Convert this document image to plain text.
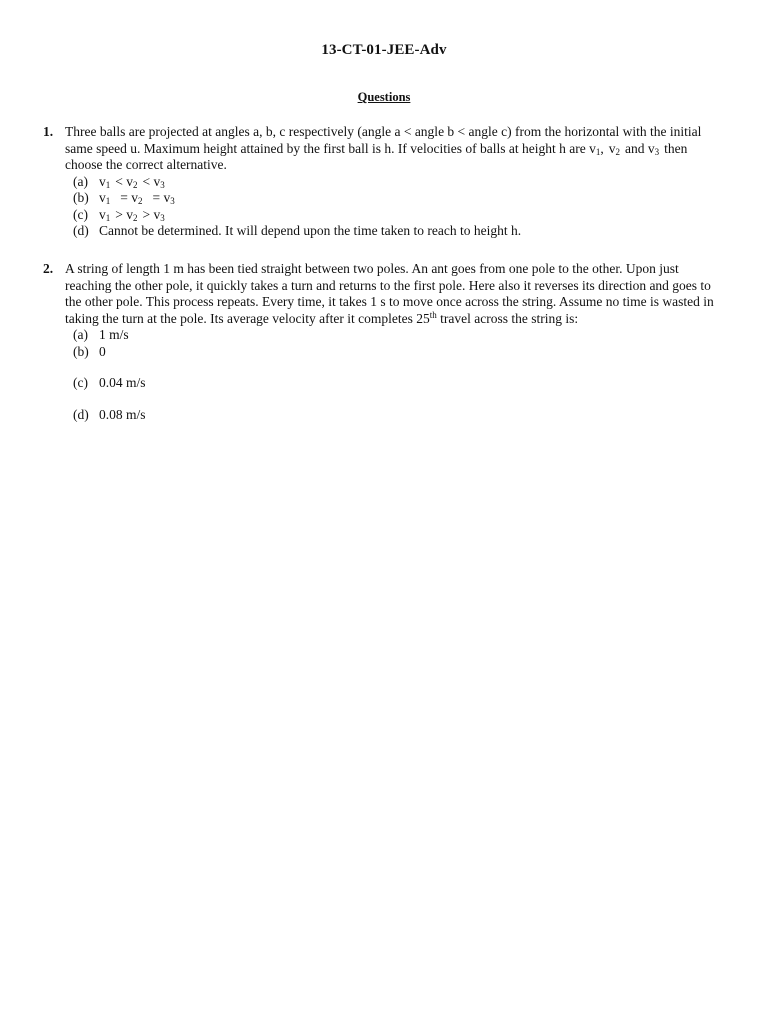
13-CT-01-JEE-Adv
Questions
1. Three balls are projected at angles a, b, c respectively (angle a < angle b < angle c) from the horizontal with the initial same speed u. Maximum height attained by the first ball is h. If velocities of balls at height h are $v_1$, $v_2$ and $v_3$ then choose the correct alternative.
(a) $v_1 < v_2 < v_3$
(b) $v_1 = v_2 = v_3$
(c) $v_1 > v_2 > v_3$
(d) Cannot be determined. It will depend upon the time taken to reach to height h.
2. A string of length 1 m has been tied straight between two poles. An ant goes from one pole to the other. Upon just reaching the other pole, it quickly takes a turn and returns to the first pole. Here also it reverses its direction and goes to the other pole. This process repeats. Every time, it takes 1 s to move once across the string. Assume no time is wasted in taking the turn at the pole. Its average velocity after it completes 25th travel across the string is:
(a) 1 m/s
(b) 0
(c) 0.04 m/s
(d) 0.08 m/s
